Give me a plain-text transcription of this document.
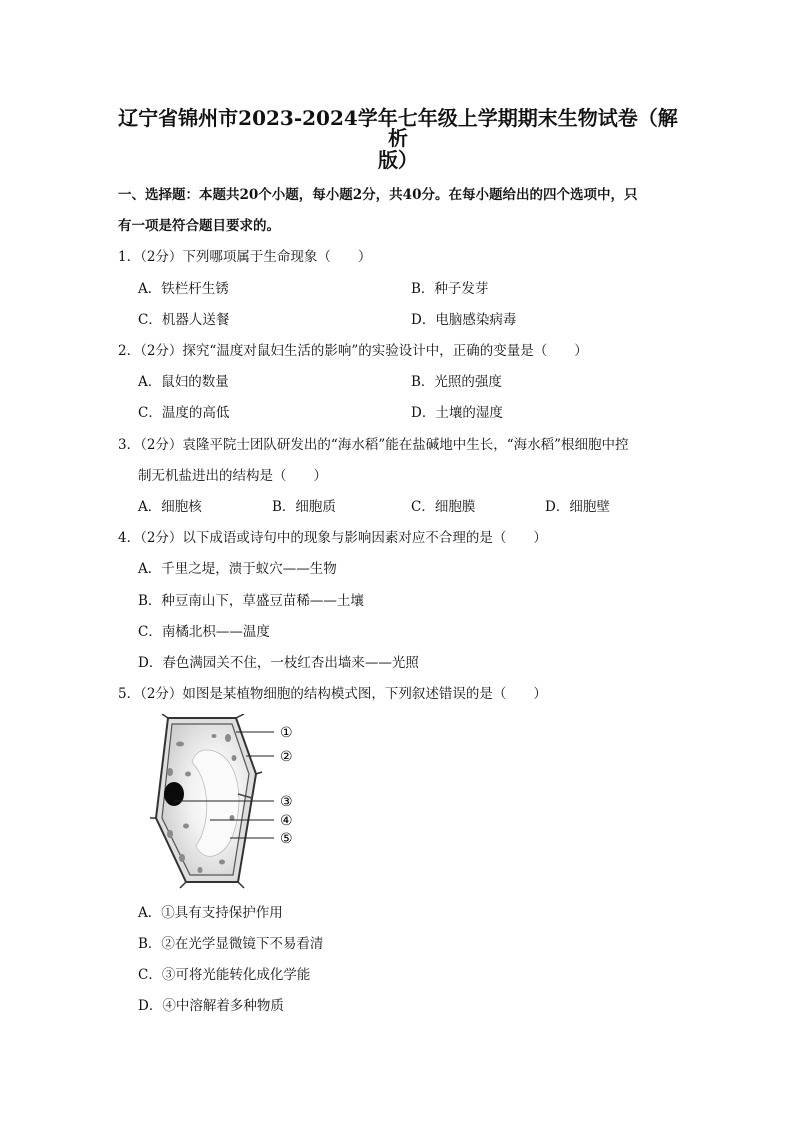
辽宁省锦州市2023-2024学年七年级上学期期末生物试卷（解析
版）
一、选择题：本题共20个小题，每小题2分，共40分。在每小题给出的四个选项中，只
有一项是符合题目要求的。
1．（2分）下列哪项属于生命现象（　　）
A．铁栏杆生锈	B．种子发芽
C．机器人送餐	D．电脑感染病毒
2．（2分）探究“温度对鼠妇生活的影响”的实验设计中，正确的变量是（　　）
A．鼠妇的数量	B．光照的强度
C．温度的高低	D．土壤的湿度
3．（2分）袁隆平院士团队研发出的“海水稻”能在盐碱地中生长，“海水稻”根细胞中控
制无机盐进出的结构是（　　）
A．细胞核	B．细胞质	C．细胞膜	D．细胞壁
4．（2分）以下成语或诗句中的现象与影响因素对应不合理的是（　　）
A．千里之堤，溃于蚁穴——生物
B．种豆南山下，草盛豆苗稀——土壤
C．南橘北枳——温度
D．春色满园关不住，一枝红杏出墙来——光照
5．（2分）如图是某植物细胞的结构模式图，下列叙述错误的是（　　）
①
②
③
④
⑤
A．①具有支持保护作用
B．②在光学显微镜下不易看清
C．③可将光能转化成化学能
D．④中溶解着多种物质
